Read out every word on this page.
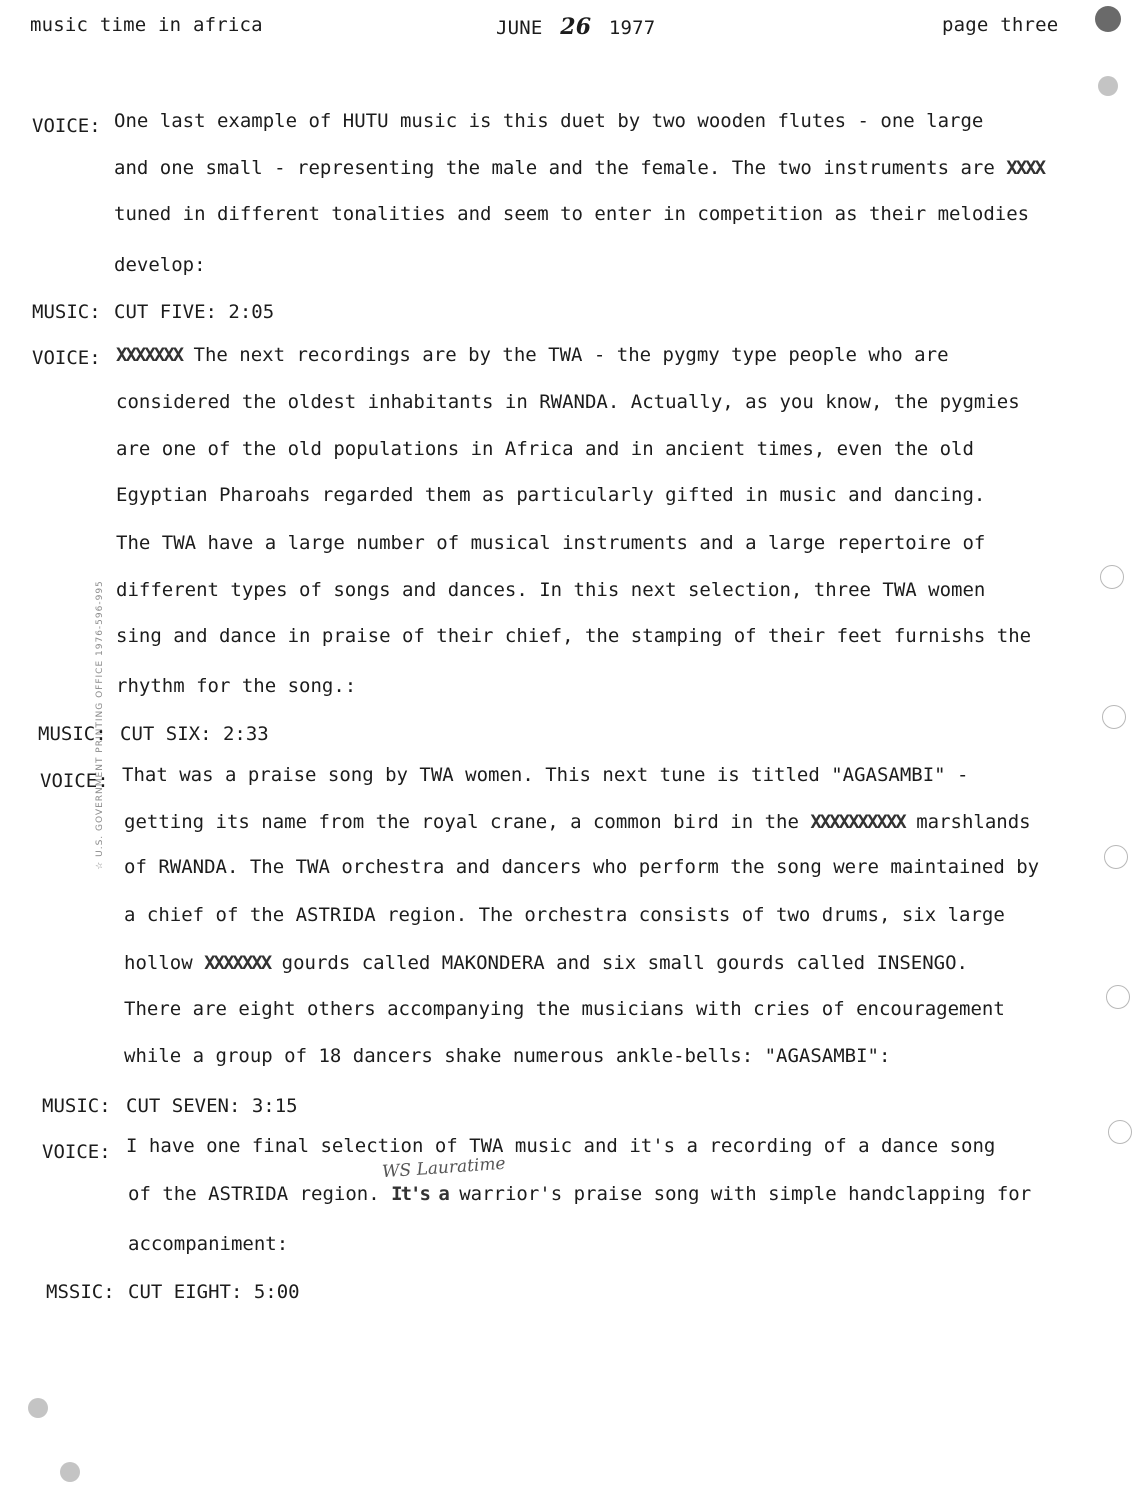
music time in africa	JUNE 26 1977	page three
☆ U.S. GOVERNMENT PRINTING OFFICE 1976-596-995
VOICE: One last example of HUTU music is this duet by two wooden flutes - one large
and one small - representing the male and the female. The two instruments are XXXX
tuned in different tonalities and seem to enter in competition as their melodies
develop:
MUSIC: CUT FIVE: 2:05
VOICE: XXXXXXX The next recordings are by the TWA - the pygmy type people who are
considered the oldest inhabitants in RWANDA. Actually, as you know, the pygmies
are one of the old populations in Africa and in ancient times, even the old
Egyptian Pharoahs regarded them as particularly gifted in music and dancing.
The TWA have a large number of musical instruments and a large repertoire of
different types of songs and dances. In this next selection, three TWA women
sing and dance in praise of their chief, the stamping of their feet furnishs the
rhythm for the song.:
MUSIC: CUT SIX: 2:33
VOICE: That was a praise song by TWA women. This next tune is titled "AGASAMBI" -
getting its name from the royal crane, a common bird in the XXXXXXXXXX marshlands
of RWANDA. The TWA orchestra and dancers who perform the song were maintained by
a chief of the ASTRIDA region. The orchestra consists of two drums, six large
hollow XXXXXXX gourds called MAKONDERA and six small gourds called INSENGO.
There are eight others accompanying the musicians with cries of encouragement
while a group of 18 dancers shake numerous ankle-bells: "AGASAMBI":
MUSIC: CUT SEVEN: 3:15
VOICE: I have one final selection of TWA music and it's a recording of a dance song
WS Lauratime
of the ASTRIDA region. It's a warrior's praise song with simple handclapping for
accompaniment:
MSSIC: CUT EIGHT: 5:00
